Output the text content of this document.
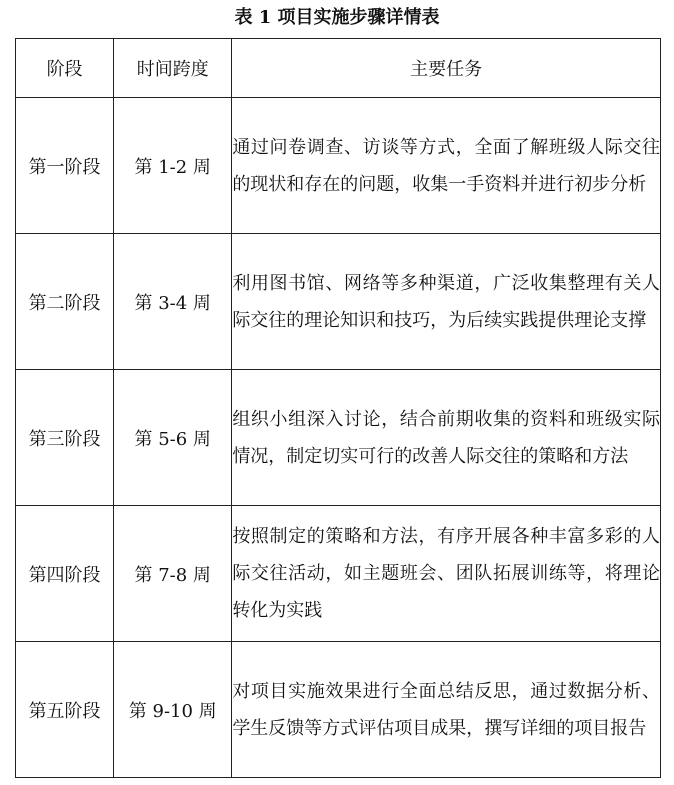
表 1 项目实施步骤详情表
阶段	时间跨度	主要任务
第一阶段	第 1-2 周	通过问卷调查、访谈等方式，全面了解班级人际交往的现状和存在的问题，收集一手资料并进行初步分析
第二阶段	第 3-4 周	利用图书馆、网络等多种渠道，广泛收集整理有关人际交往的理论知识和技巧，为后续实践提供理论支撑
第三阶段	第 5-6 周	组织小组深入讨论，结合前期收集的资料和班级实际情况，制定切实可行的改善人际交往的策略和方法
第四阶段	第 7-8 周	按照制定的策略和方法，有序开展各种丰富多彩的人际交往活动，如主题班会、团队拓展训练等，将理论转化为实践
第五阶段	第 9-10 周	对项目实施效果进行全面总结反思，通过数据分析、学生反馈等方式评估项目成果，撰写详细的项目报告
